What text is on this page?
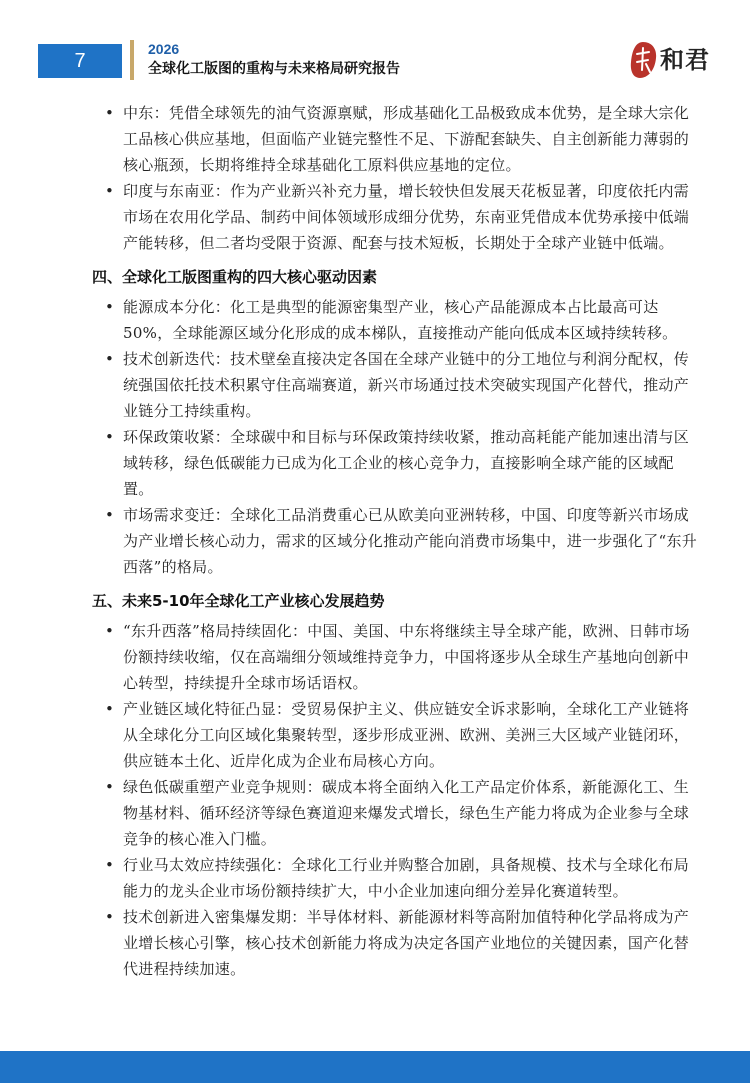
7
2026
全球化工版图的重构与未来格局研究报告	和君

• 中东：凭借全球领先的油气资源禀赋，形成基础化工品极致成本优势，是全球大宗化工品核心供应基地，但面临产业链完整性不足、下游配套缺失、自主创新能力薄弱的核心瓶颈，长期将维持全球基础化工原料供应基地的定位。

• 印度与东南亚：作为产业新兴补充力量，增长较快但发展天花板显著，印度依托内需市场在农用化学品、制药中间体领域形成细分优势，东南亚凭借成本优势承接中低端产能转移，但二者均受限于资源、配套与技术短板，长期处于全球产业链中低端。

四、全球化工版图重构的四大核心驱动因素

• 能源成本分化：化工是典型的能源密集型产业，核心产品能源成本占比最高可达50%，全球能源区域分化形成的成本梯队，直接推动产能向低成本区域持续转移。

• 技术创新迭代：技术壁垒直接决定各国在全球产业链中的分工地位与利润分配权，传统强国依托技术积累守住高端赛道，新兴市场通过技术突破实现国产化替代，推动产业链分工持续重构。

• 环保政策收紧：全球碳中和目标与环保政策持续收紧，推动高耗能产能加速出清与区域转移，绿色低碳能力已成为化工企业的核心竞争力，直接影响全球产能的区域配置。

• 市场需求变迁：全球化工品消费重心已从欧美向亚洲转移，中国、印度等新兴市场成为产业增长核心动力，需求的区域分化推动产能向消费市场集中，进一步强化了“东升西落”的格局。

五、未来5-10年全球化工产业核心发展趋势

• “东升西落”格局持续固化：中国、美国、中东将继续主导全球产能，欧洲、日韩市场份额持续收缩，仅在高端细分领域维持竞争力，中国将逐步从全球生产基地向创新中心转型，持续提升全球市场话语权。

• 产业链区域化特征凸显：受贸易保护主义、供应链安全诉求影响，全球化工产业链将从全球化分工向区域化集聚转型，逐步形成亚洲、欧洲、美洲三大区域产业链闭环，供应链本土化、近岸化成为企业布局核心方向。

• 绿色低碳重塑产业竞争规则：碳成本将全面纳入化工产品定价体系，新能源化工、生物基材料、循环经济等绿色赛道迎来爆发式增长，绿色生产能力将成为企业参与全球竞争的核心准入门槛。

• 行业马太效应持续强化：全球化工行业并购整合加剧，具备规模、技术与全球化布局能力的龙头企业市场份额持续扩大，中小企业加速向细分差异化赛道转型。

• 技术创新进入密集爆发期：半导体材料、新能源材料等高附加值特种化学品将成为产业增长核心引擎，核心技术创新能力将成为决定各国产业地位的关键因素，国产化替代进程持续加速。
